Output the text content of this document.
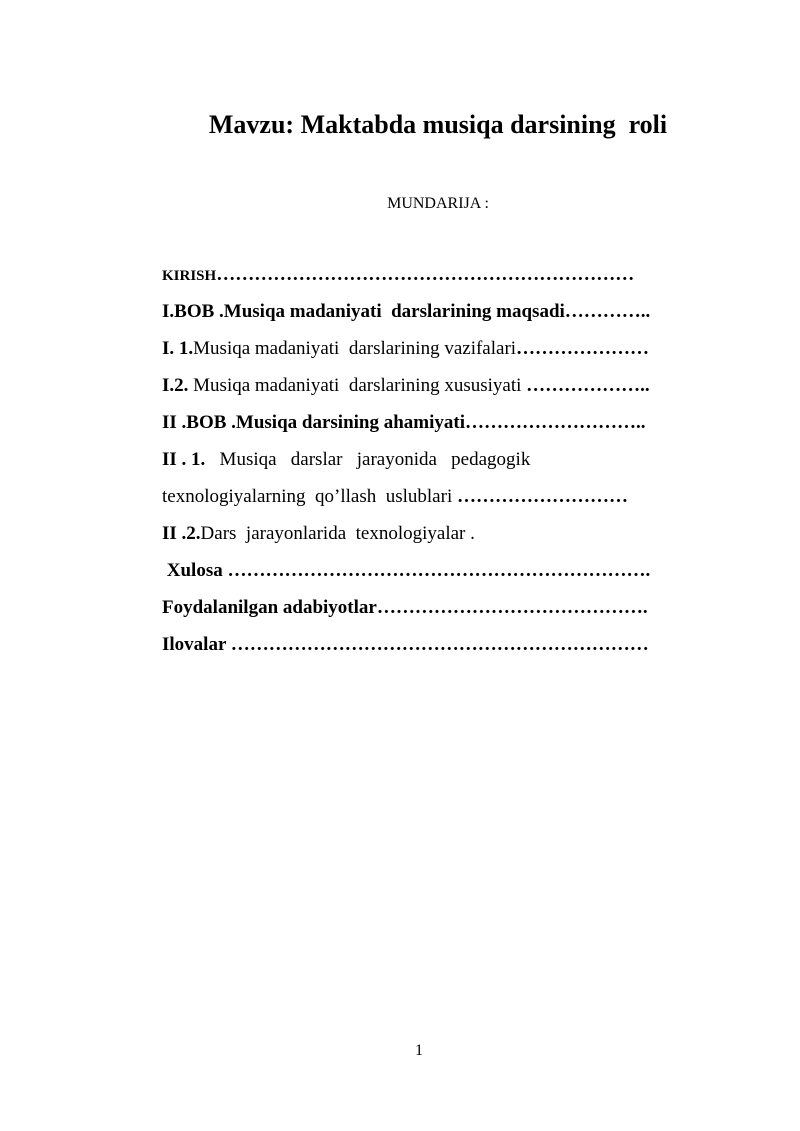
Mavzu: Maktabda musiqa darsining  roli
MUNDARIJA :
KIRISH…………………………………………………………
I.BOB .Musiqa madaniyati  darslarining maqsadi…………..
I. 1.Musiqa madaniyati  darslarining vazifalari…………………
I.2. Musiqa madaniyati  darslarining xususiyati ………………..
II .BOB .Musiqa darsining ahamiyati………………………..
II . 1.   Musiqa   darslar   jarayonida   pedagogik
texnologiyalarning  qo’llash  uslublari ………………………
II .2.Dars  jarayonlarida  texnologiyalar .
Xulosa ………………………………………………………….
Foydalanilgan adabiyotlar…………………………………….
Ilovalar …………………………………………………………
1
